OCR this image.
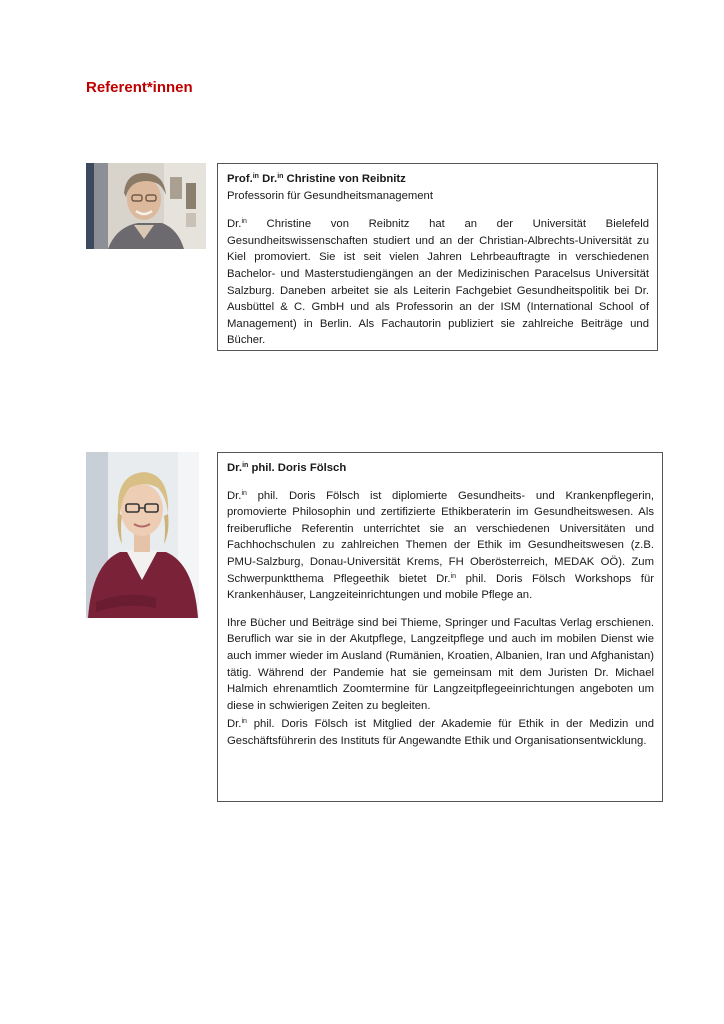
Referent*innen

Prof.$^{in}$ Dr.$^{in}$ Christine von Reibnitz

Professorin für Gesundheitsmanagement

Dr.$^{in}$ Christine von Reibnitz hat an der Universität Bielefeld Gesundheitswissenschaften studiert und an der Christian-Albrechts-Universität zu Kiel promoviert. Sie ist seit vielen Jahren Lehrbeauftragte in verschiedenen Bachelor- und Masterstudiengängen an der Medizinischen Paracelsus Universität Salzburg. Daneben arbeitet sie als Leiterin Fachgebiet Gesundheitspolitik bei Dr. Ausbüttel & C. GmbH und als Professorin an der ISM (International School of Management) in Berlin. Als Fachautorin publiziert sie zahlreiche Beiträge und Bücher.

Dr.$^{in}$ phil. Doris Fölsch

Dr.$^{in}$ phil. Doris Fölsch ist diplomierte Gesundheits- und Krankenpflegerin, promovierte Philosophin und zertifizierte Ethikberaterin im Gesundheitswesen. Als freiberufliche Referentin unterrichtet sie an verschiedenen Universitäten und Fachhochschulen zu zahlreichen Themen der Ethik im Gesundheitswesen (z.B. PMU-Salzburg, Donau-Universität Krems, FH Oberösterreich, MEDAK OÖ). Zum Schwerpunktthema Pflegeethik bietet Dr.$^{in}$ phil. Doris Fölsch Workshops für Krankenhäuser, Langzeiteinrichtungen und mobile Pflege an.

Ihre Bücher und Beiträge sind bei Thieme, Springer und Facultas Verlag erschienen. Beruflich war sie in der Akutpflege, Langzeitpflege und auch im mobilen Dienst wie auch immer wieder im Ausland (Rumänien, Kroatien, Albanien, Iran und Afghanistan) tätig. Während der Pandemie hat sie gemeinsam mit dem Juristen Dr. Michael Halmich ehrenamtlich Zoomtermine für Langzeitpflegeeinrichtungen angeboten um diese in schwierigen Zeiten zu begleiten.

Dr.$^{in}$ phil. Doris Fölsch ist Mitglied der Akademie für Ethik in der Medizin und Geschäftsführerin des Instituts für Angewandte Ethik und Organisationsentwicklung.
